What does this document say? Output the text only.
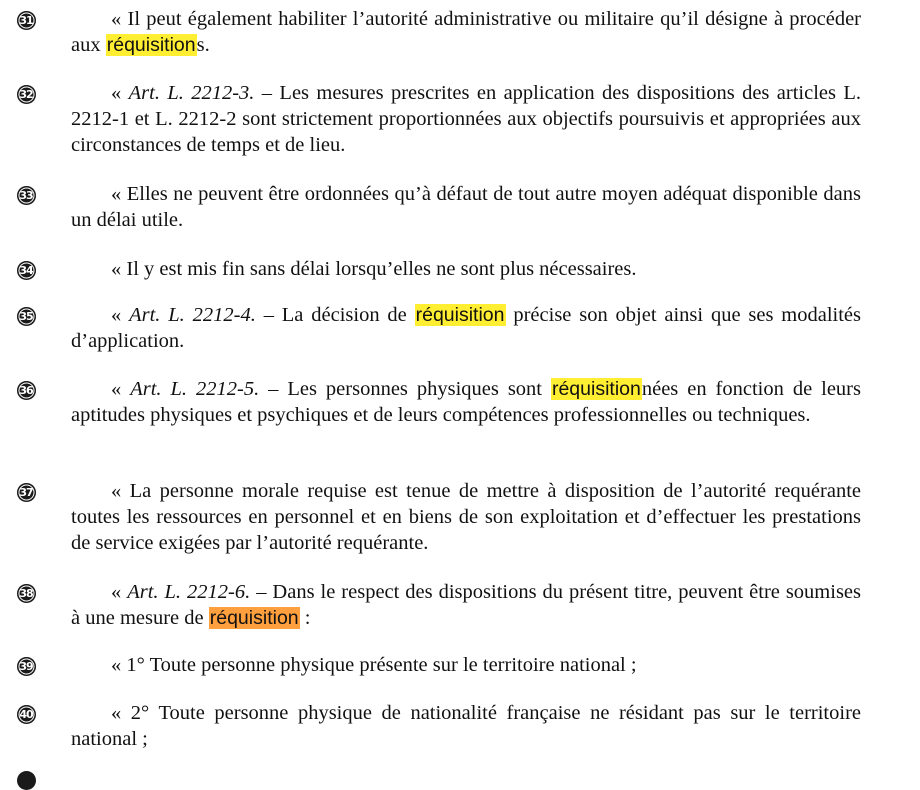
31	« Il peut également habiliter l’autorité administrative ou militaire qu’il désigne à procéder aux réquisitions.
32	« Art. L. 2212-3. – Les mesures prescrites en application des dispositions des articles L. 2212-1 et L. 2212-2 sont strictement proportionnées aux objectifs poursuivis et appropriées aux circonstances de temps et de lieu.
33	« Elles ne peuvent être ordonnées qu’à défaut de tout autre moyen adéquat disponible dans un délai utile.
34	« Il y est mis fin sans délai lorsqu’elles ne sont plus nécessaires.
35	« Art. L. 2212-4. – La décision de réquisition précise son objet ainsi que ses modalités d’application.
36	« Art. L. 2212-5. – Les personnes physiques sont réquisitionnées en fonction de leurs aptitudes physiques et psychiques et de leurs compétences professionnelles ou techniques.
37	« La personne morale requise est tenue de mettre à disposition de l’autorité requérante toutes les ressources en personnel et en biens de son exploitation et d’effectuer les prestations de service exigées par l’autorité requérante.
38	« Art. L. 2212-6. – Dans le respect des dispositions du présent titre, peuvent être soumises à une mesure de réquisition :
39	« 1° Toute personne physique présente sur le territoire national ;
40	« 2° Toute personne physique de nationalité française ne résidant pas sur le territoire national ;
